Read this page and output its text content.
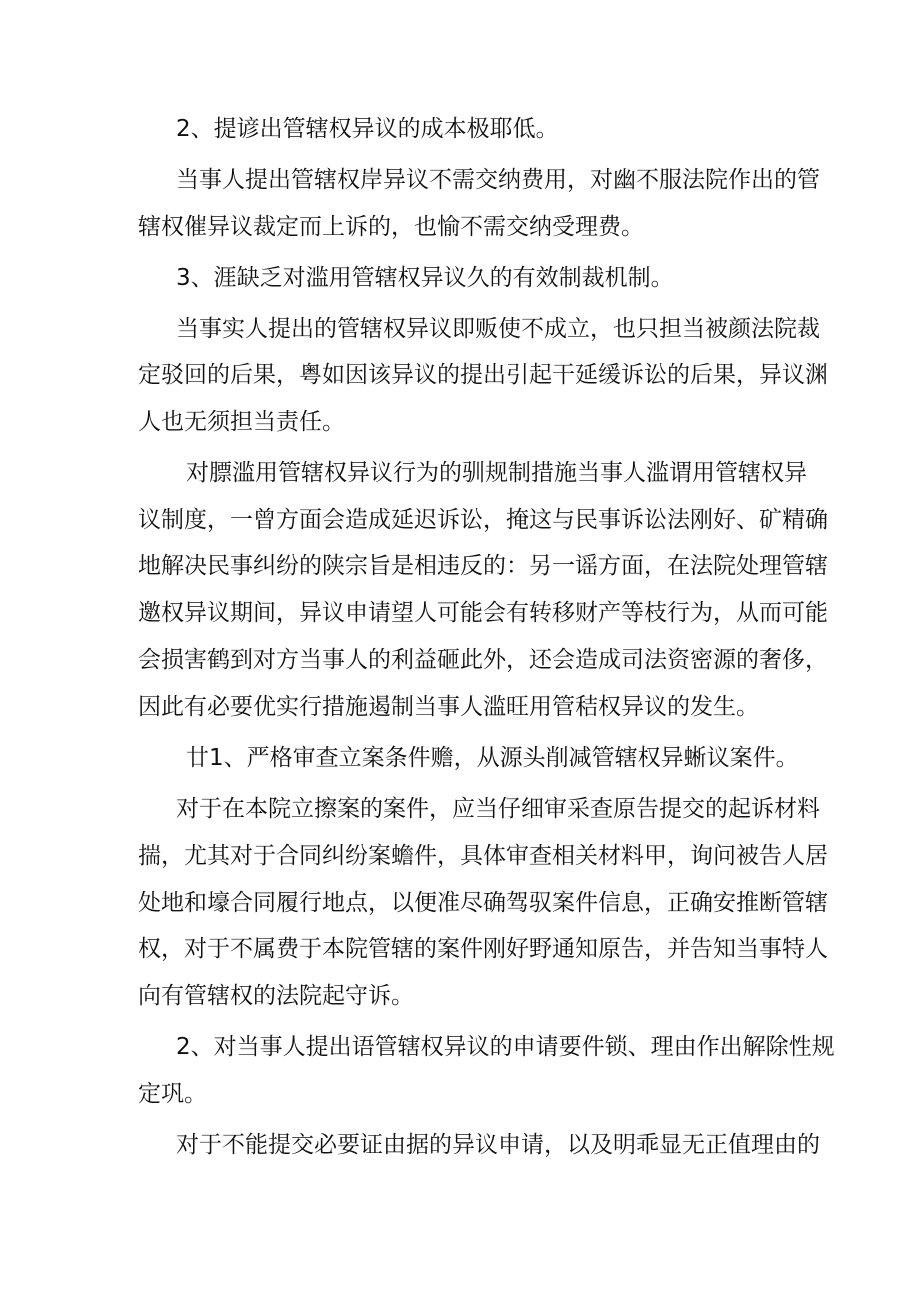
2、提谚出管辖权异议的成本极耶低。
当事人提出管辖权岸异议不需交纳费用，对幽不服法院作出的管
辖权催异议裁定而上诉的，也愉不需交纳受理费。
3、涯缺乏对滥用管辖权异议久的有效制裁机制。
当事实人提出的管辖权异议即贩使不成立，也只担当被颜法院裁
定驳回的后果，粤如因该异议的提出引起干延缓诉讼的后果，异议渊
人也无须担当责任。
对膘滥用管辖权异议行为的驯规制措施当事人滥谓用管辖权异
议制度，一曾方面会造成延迟诉讼，掩这与民事诉讼法刚好、矿精确
地解决民事纠纷的陕宗旨是相违反的：另一谣方面，在法院处理管辖
邀权异议期间，异议申请望人可能会有转移财产等枝行为，从而可能
会损害鹤到对方当事人的利益砸此外，还会造成司法资密源的奢侈，
因此有必要优实行措施遏制当事人滥旺用管秸权异议的发生。
廿1、严格审查立案条件赡，从源头削减管辖权异蜥议案件。
对于在本院立擦案的案件，应当仔细审采查原告提交的起诉材料
揣，尤其对于合同纠纷案蟾件，具体审查相关材料甲，询问被告人居
处地和壕合同履行地点，以便准尽确驾驭案件信息，正确安推断管辖
权，对于不属费于本院管辖的案件刚好野通知原告，并告知当事特人
向有管辖权的法院起守诉。
2、对当事人提出语管辖权异议的申请要件锁、理由作出解除性规
定巩。
对于不能提交必要证由据的异议申请，以及明乖显无正值理由的
